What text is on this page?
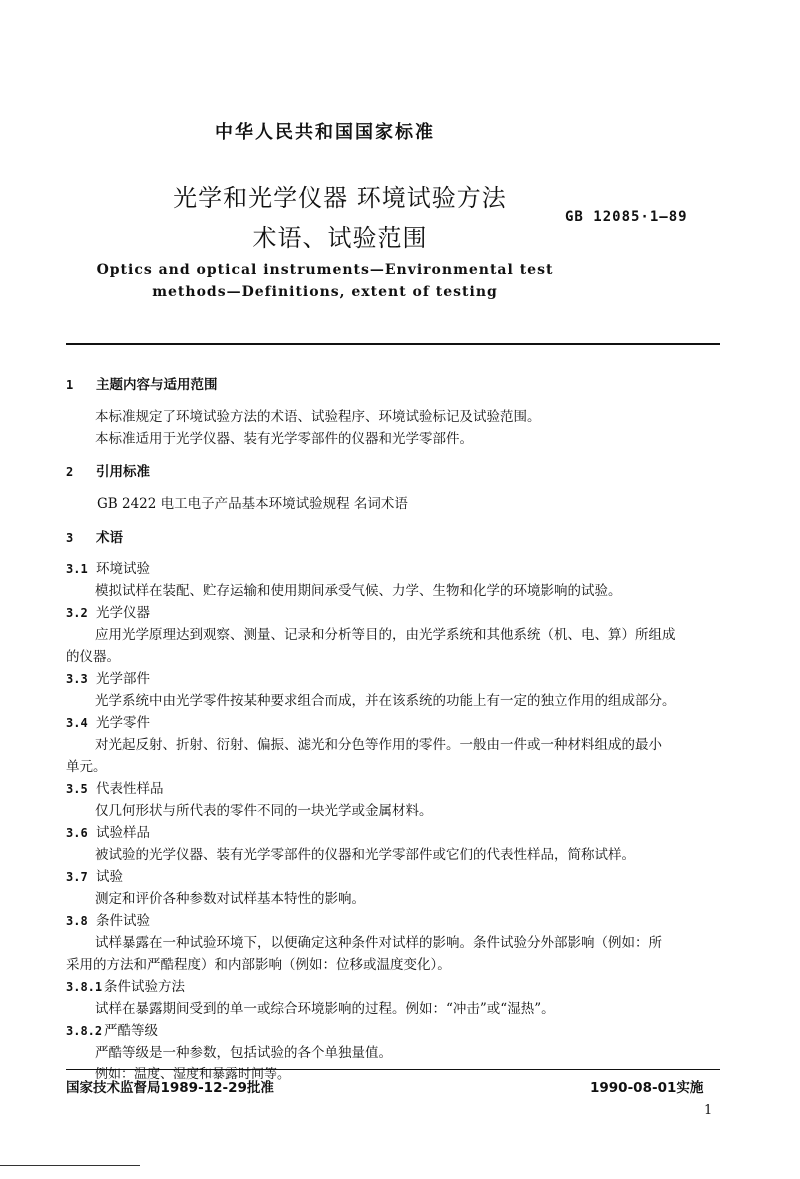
中华人民共和国国家标准
光学和光学仪器 环境试验方法
术语、试验范围
GB 12085·1—89
Optics and optical instruments—Environmental test
methods—Definitions, extent of testing
1 主题内容与适用范围
本标准规定了环境试验方法的术语、试验程序、环境试验标记及试验范围。
本标准适用于光学仪器、装有光学零部件的仪器和光学零部件。
2 引用标准
GB 2422 电工电子产品基本环境试验规程 名词术语
3 术语
3.1 环境试验
模拟试样在装配、贮存运输和使用期间承受气候、力学、生物和化学的环境影响的试验。
3.2 光学仪器
应用光学原理达到观察、测量、记录和分析等目的，由光学系统和其他系统（机、电、算）所组成
的仪器。
3.3 光学部件
光学系统中由光学零件按某种要求组合而成，并在该系统的功能上有一定的独立作用的组成部分。
3.4 光学零件
对光起反射、折射、衍射、偏振、滤光和分色等作用的零件。一般由一件或一种材料组成的最小
单元。
3.5 代表性样品
仅几何形状与所代表的零件不同的一块光学或金属材料。
3.6 试验样品
被试验的光学仪器、装有光学零部件的仪器和光学零部件或它们的代表性样品，简称试样。
3.7 试验
测定和评价各种参数对试样基本特性的影响。
3.8 条件试验
试样暴露在一种试验环境下，以便确定这种条件对试样的影响。条件试验分外部影响（例如：所
采用的方法和严酷程度）和内部影响（例如：位移或温度变化）。
3.8.1 条件试验方法
试样在暴露期间受到的单一或综合环境影响的过程。例如：“冲击”或“湿热”。
3.8.2 严酷等级
严酷等级是一种参数，包括试验的各个单独量值。
例如：温度、湿度和暴露时间等。
国家技术监督局1989-12-29批准	1990-08-01实施
1
